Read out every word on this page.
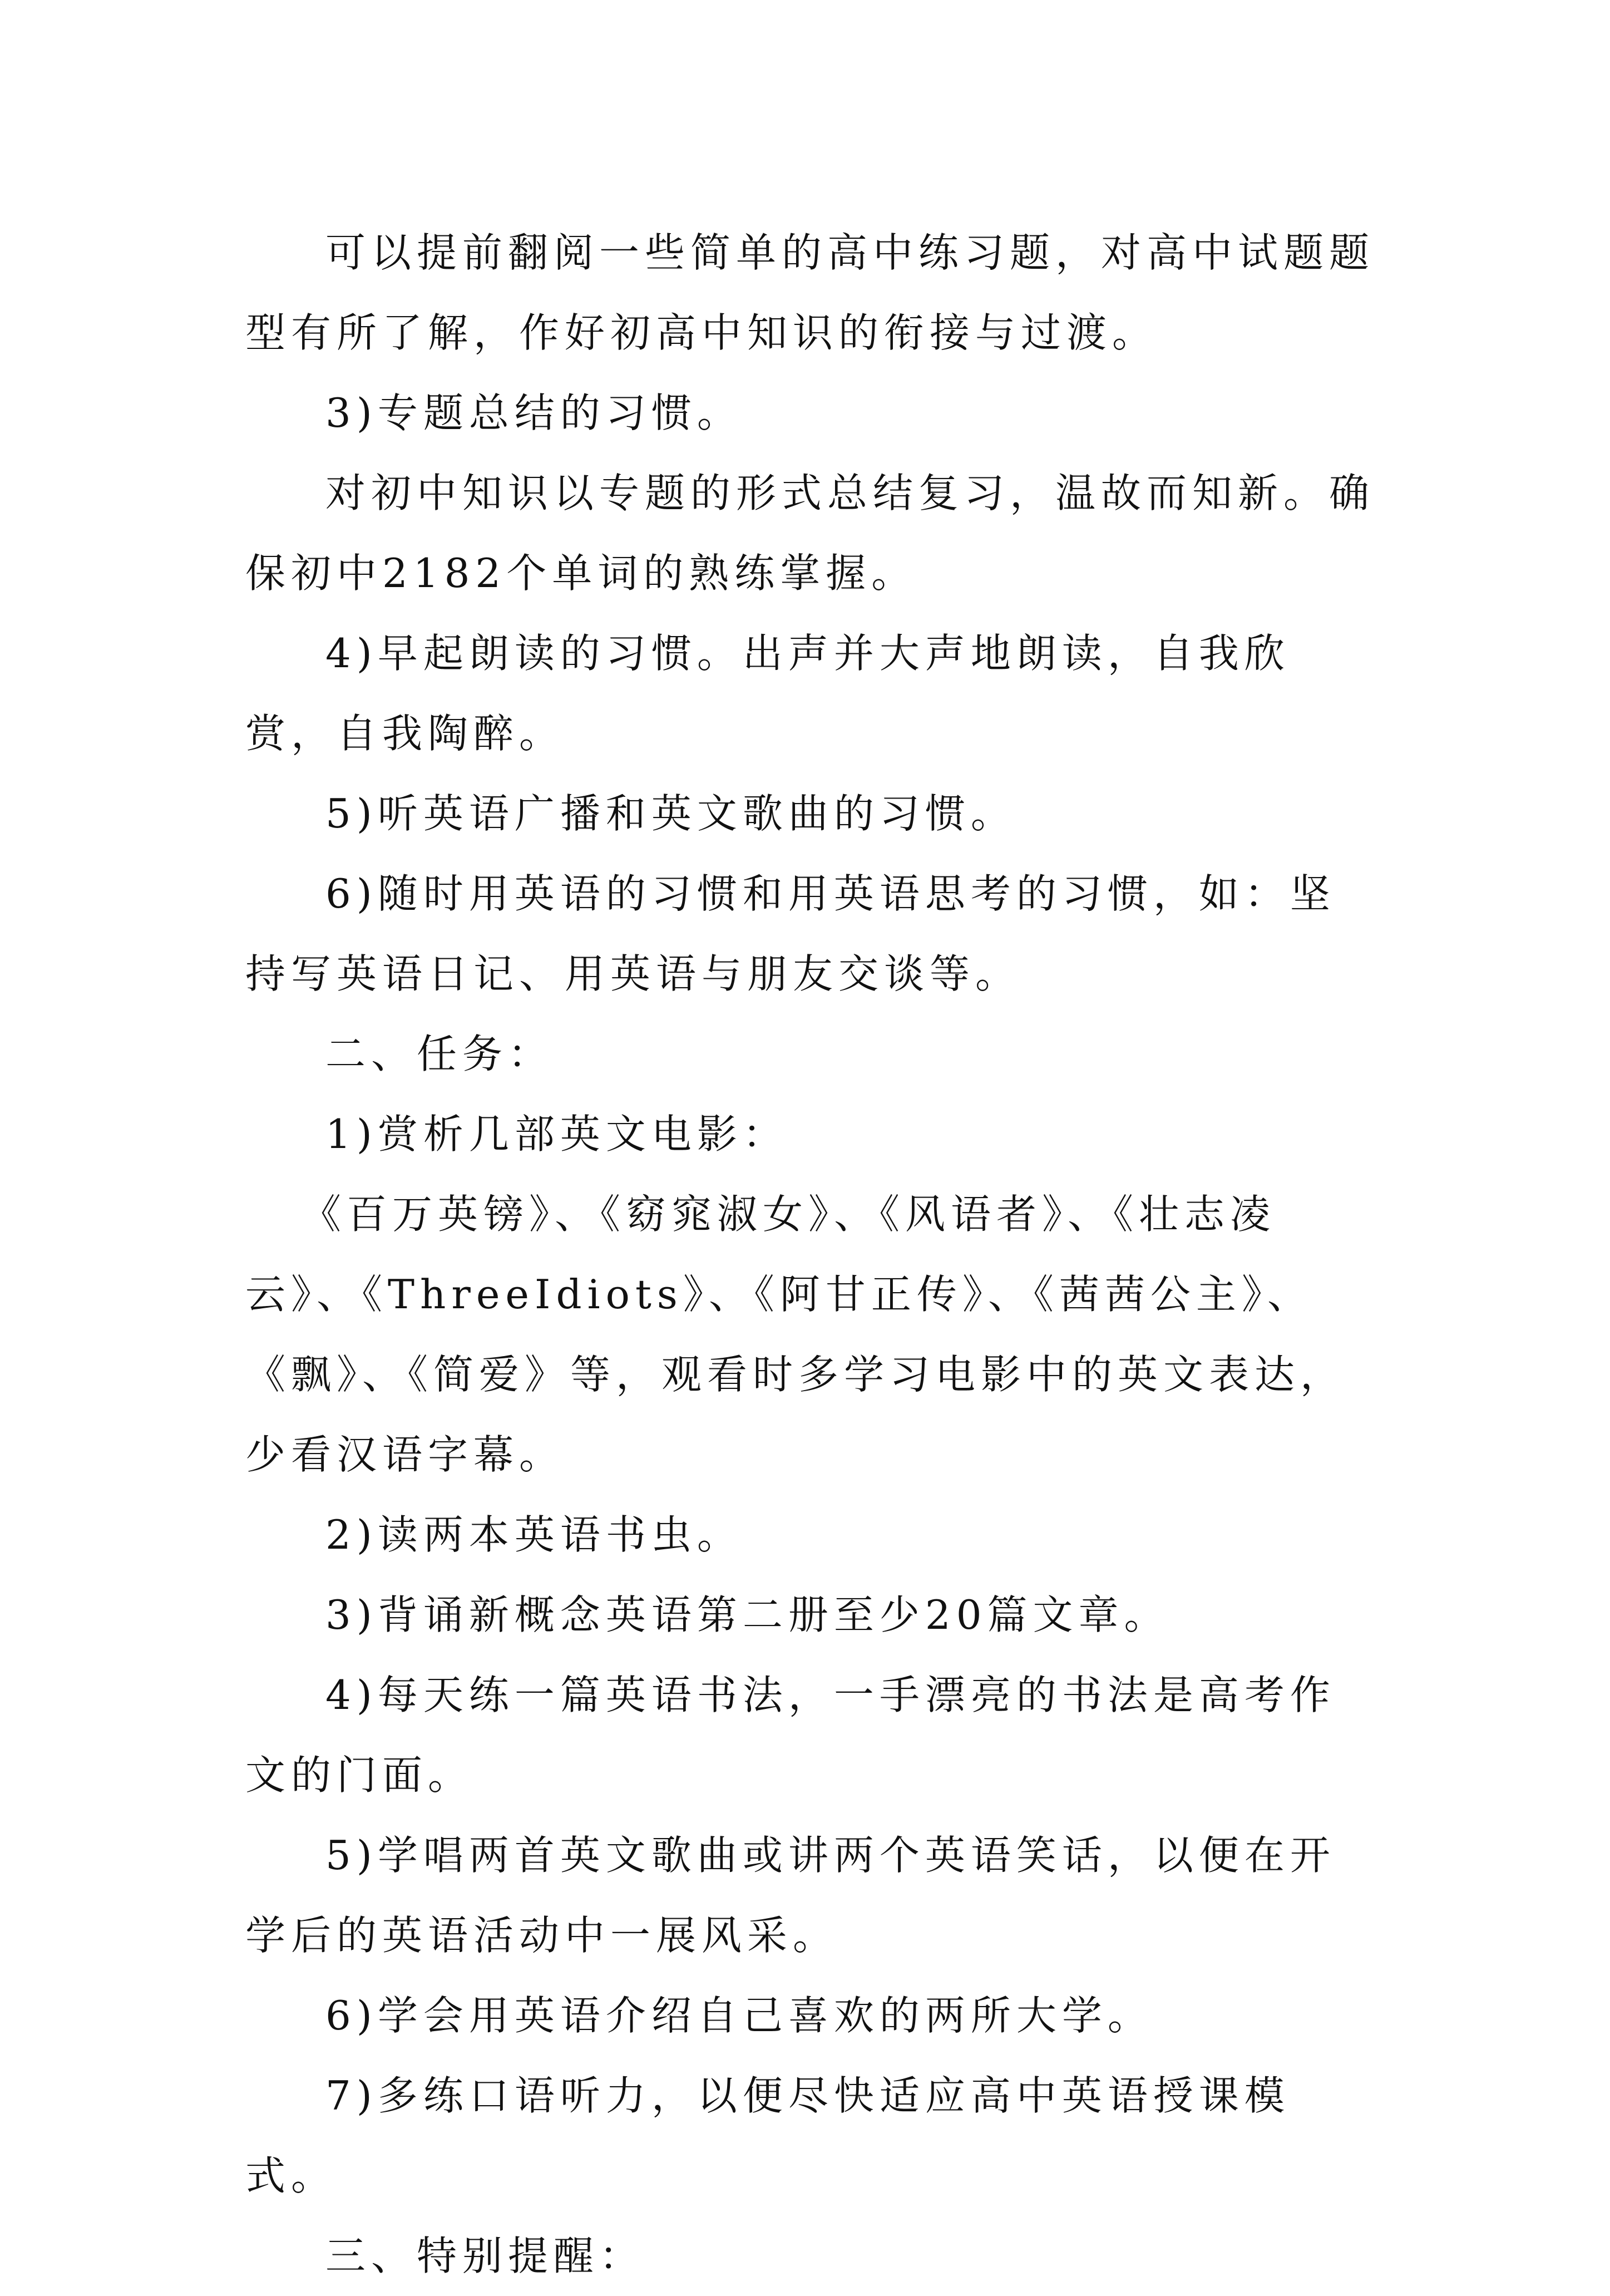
可以提前翻阅一些简单的高中练习题，对高中试题题型有所了解，作好初高中知识的衔接与过渡。

3)专题总结的习惯。

对初中知识以专题的形式总结复习，温故而知新。确保初中2182个单词的熟练掌握。

4)早起朗读的习惯。出声并大声地朗读，自我欣赏，自我陶醉。

5)听英语广播和英文歌曲的习惯。

6)随时用英语的习惯和用英语思考的习惯，如：坚持写英语日记、用英语与朋友交谈等。

二、任务：

1)赏析几部英文电影：

《百万英镑》、《窈窕淑女》、《风语者》、《壮志凌云》、《ThreeIdiots》、《阿甘正传》、《茜茜公主》、《飘》、《简爱》等，观看时多学习电影中的英文表达，少看汉语字幕。

2)读两本英语书虫。

3)背诵新概念英语第二册至少20篇文章。

4)每天练一篇英语书法，一手漂亮的书法是高考作文的门面。

5)学唱两首英文歌曲或讲两个英语笑话，以便在开学后的英语活动中一展风采。

6)学会用英语介绍自己喜欢的两所大学。

7)多练口语听力，以便尽快适应高中英语授课模式。

三、特别提醒：
